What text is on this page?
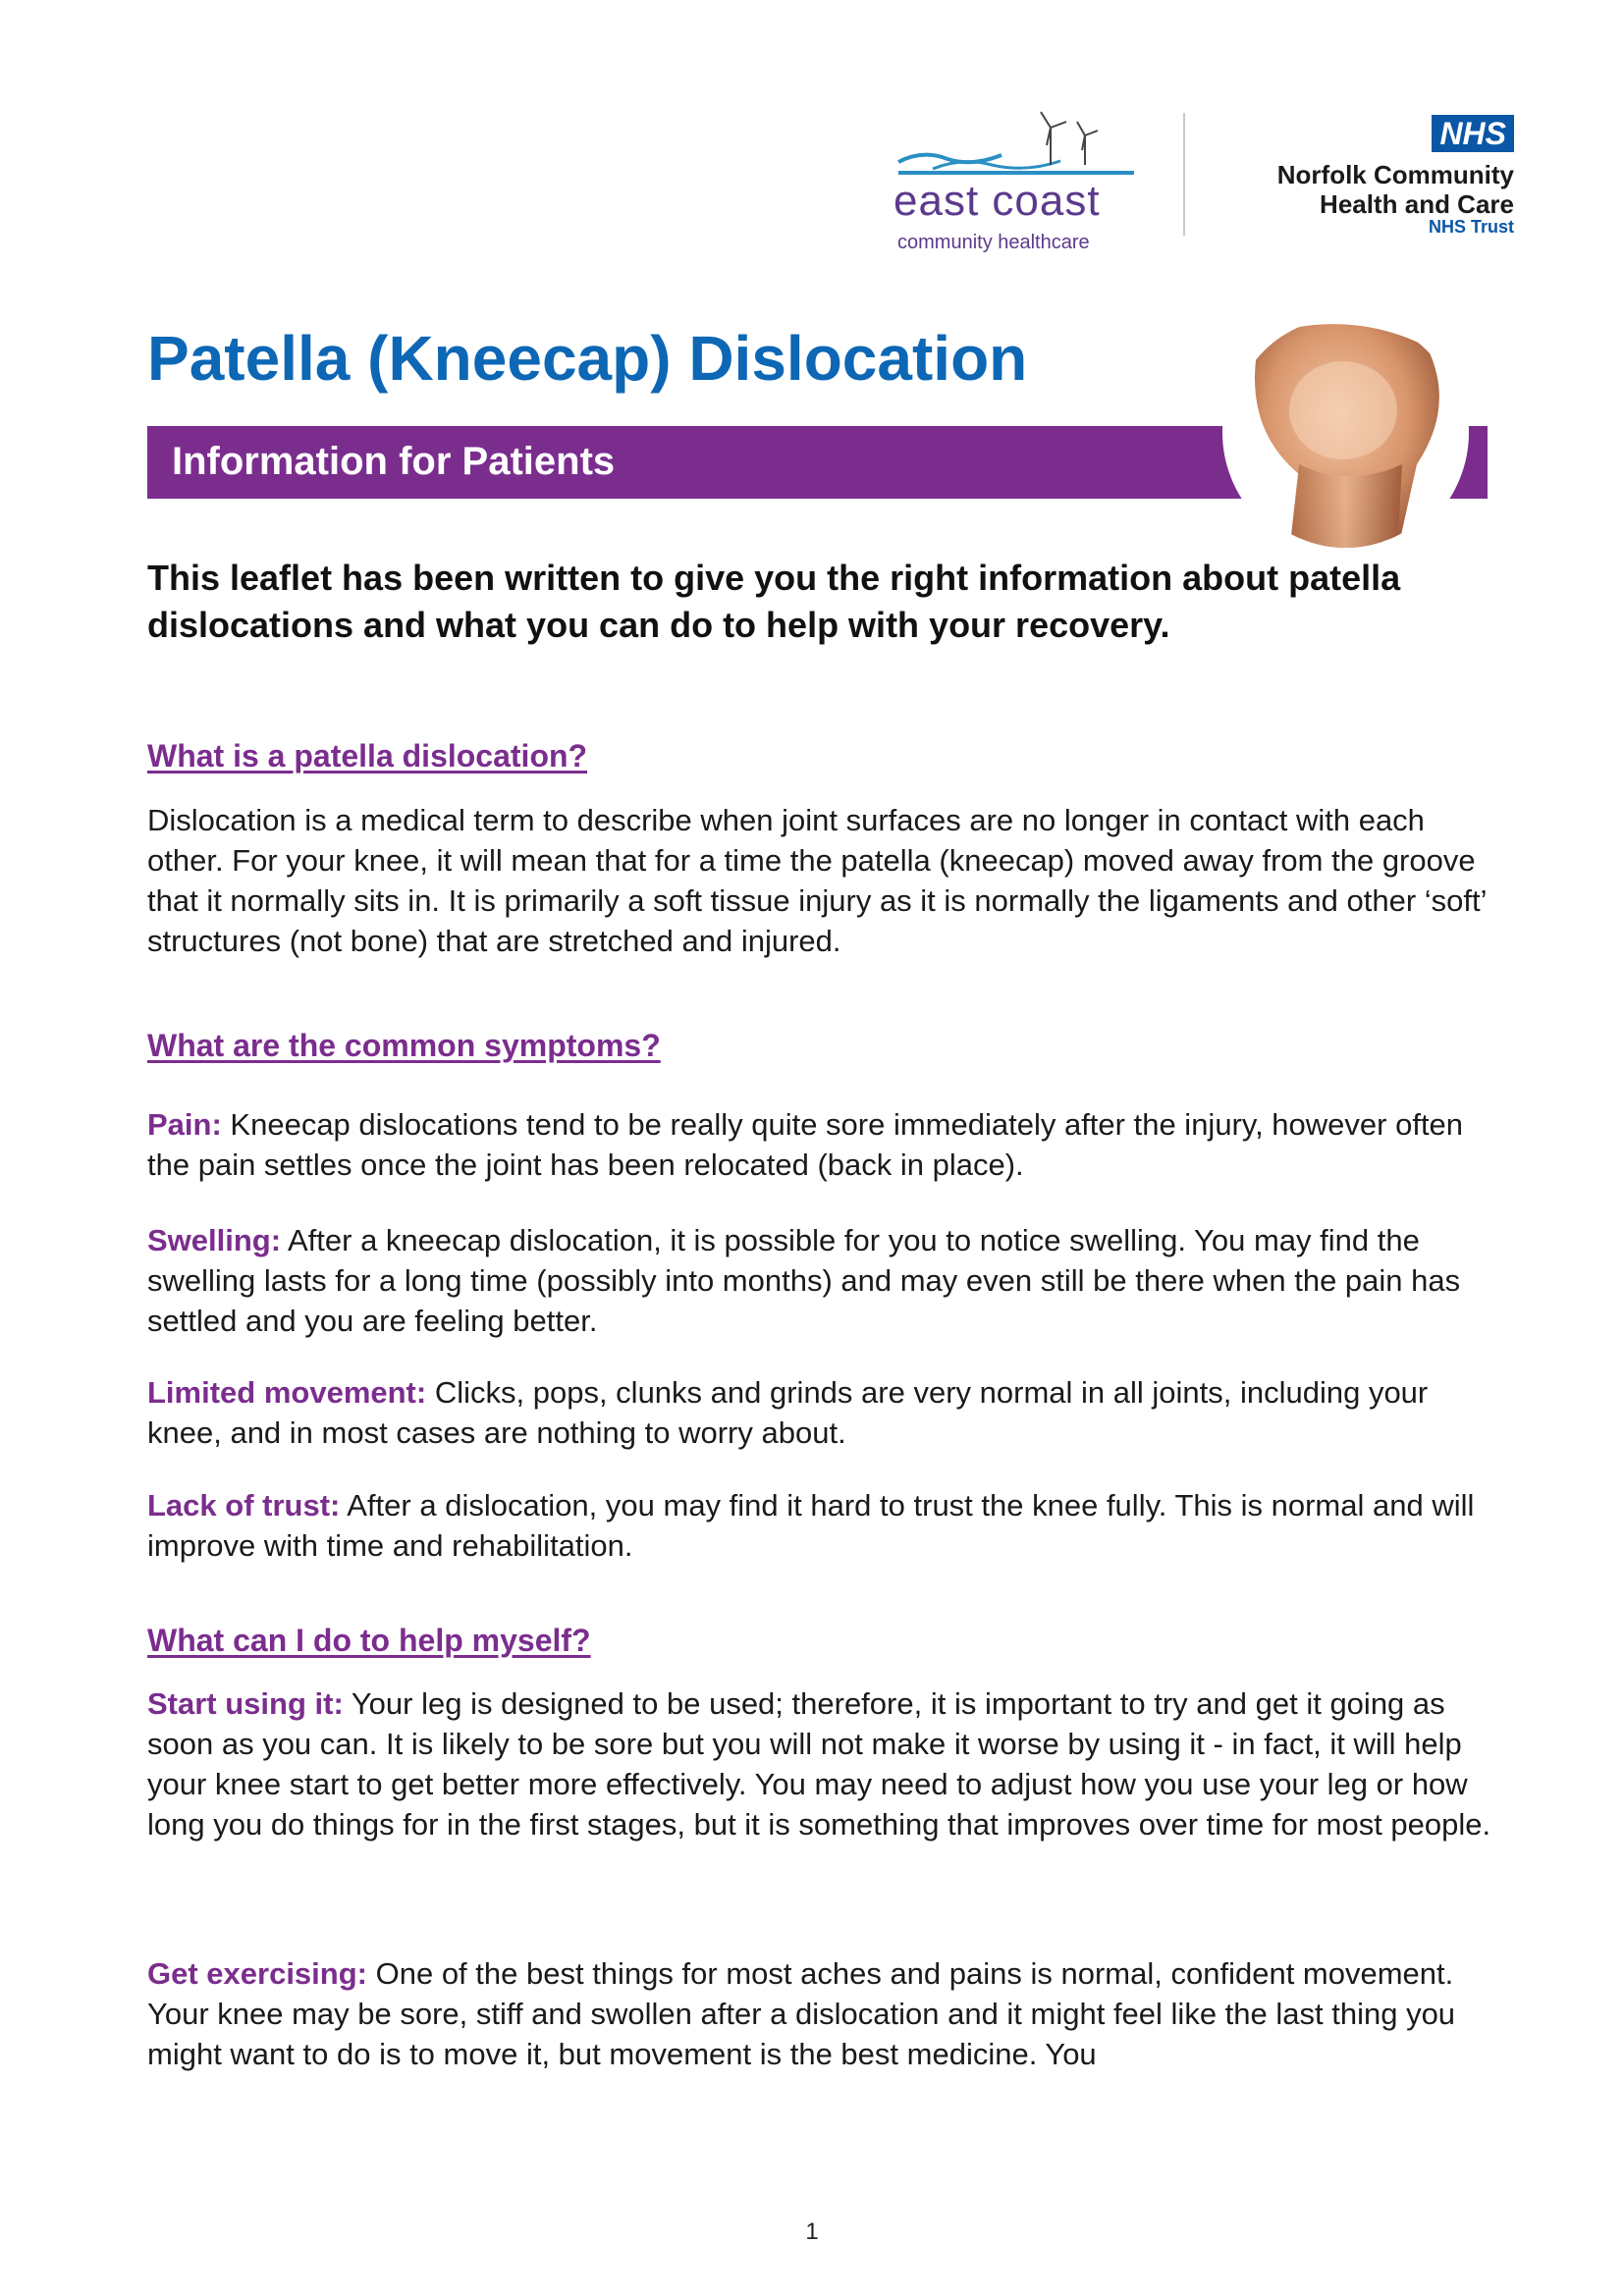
east coast
community healthcare
NHS
Norfolk Community
Health and Care
NHS Trust
Patella (Kneecap) Dislocation
Information for Patients

This leaflet has been written to give you the right information about patella dislocations and what you can do to help with your recovery.

What is a patella dislocation?

Dislocation is a medical term to describe when joint surfaces are no longer in contact with each other. For your knee, it will mean that for a time the patella (kneecap) moved away from the groove that it normally sits in. It is primarily a soft tissue injury as it is normally the ligaments and other ‘soft’ structures (not bone) that are stretched and injured.

What are the common symptoms?

Pain: Kneecap dislocations tend to be really quite sore immediately after the injury, however often the pain settles once the joint has been relocated (back in place).

Swelling: After a kneecap dislocation, it is possible for you to notice swelling. You may find the swelling lasts for a long time (possibly into months) and may even still be there when the pain has settled and you are feeling better.

Limited movement: Clicks, pops, clunks and grinds are very normal in all joints, including your knee, and in most cases are nothing to worry about.

Lack of trust: After a dislocation, you may find it hard to trust the knee fully. This is normal and will improve with time and rehabilitation.

What can I do to help myself?

Start using it: Your leg is designed to be used; therefore, it is important to try and get it going as soon as you can. It is likely to be sore but you will not make it worse by using it - in fact, it will help your knee start to get better more effectively. You may need to adjust how you use your leg or how long you do things for in the first stages, but it is something that improves over time for most people.

Get exercising: One of the best things for most aches and pains is normal, confident movement. Your knee may be sore, stiff and swollen after a dislocation and it might feel like the last thing you might want to do is to move it, but movement is the best medicine. You

1
